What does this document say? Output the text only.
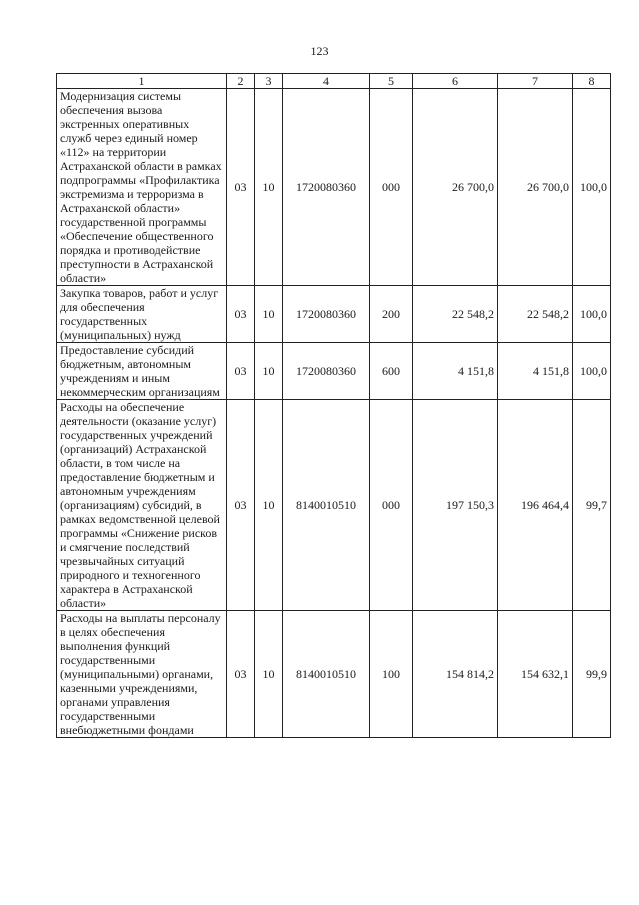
123
1	2	3	4	5	6	7	8
Модернизация системы обеспечения вызова экстренных оперативных служб через единый номер «112» на территории Астраханской области в рамках подпрограммы «Профилактика экстремизма и терроризма в Астраханской области» государственной программы «Обеспечение общественного порядка и противодействие преступности в Астраханской области»	03	10	1720080360	000	26 700,0	26 700,0	100,0
Закупка товаров, работ и услуг для обеспечения государственных (муниципальных) нужд	03	10	1720080360	200	22 548,2	22 548,2	100,0
Предоставление субсидий бюджетным, автономным учреждениям и иным некоммерческим организациям	03	10	1720080360	600	4 151,8	4 151,8	100,0
Расходы на обеспечение деятельности (оказание услуг) государственных учреждений (организаций) Астраханской области, в том числе на предоставление бюджетным и автономным учреждениям (организациям) субсидий, в рамках ведомственной целевой программы «Снижение рисков и смягчение последствий чрезвычайных ситуаций природного и техногенного характера в Астраханской области»	03	10	8140010510	000	197 150,3	196 464,4	99,7
Расходы на выплаты персоналу в целях обеспечения выполнения функций государственными (муниципальными) органами, казенными учреждениями, органами управления государственными внебюджетными фондами	03	10	8140010510	100	154 814,2	154 632,1	99,9
